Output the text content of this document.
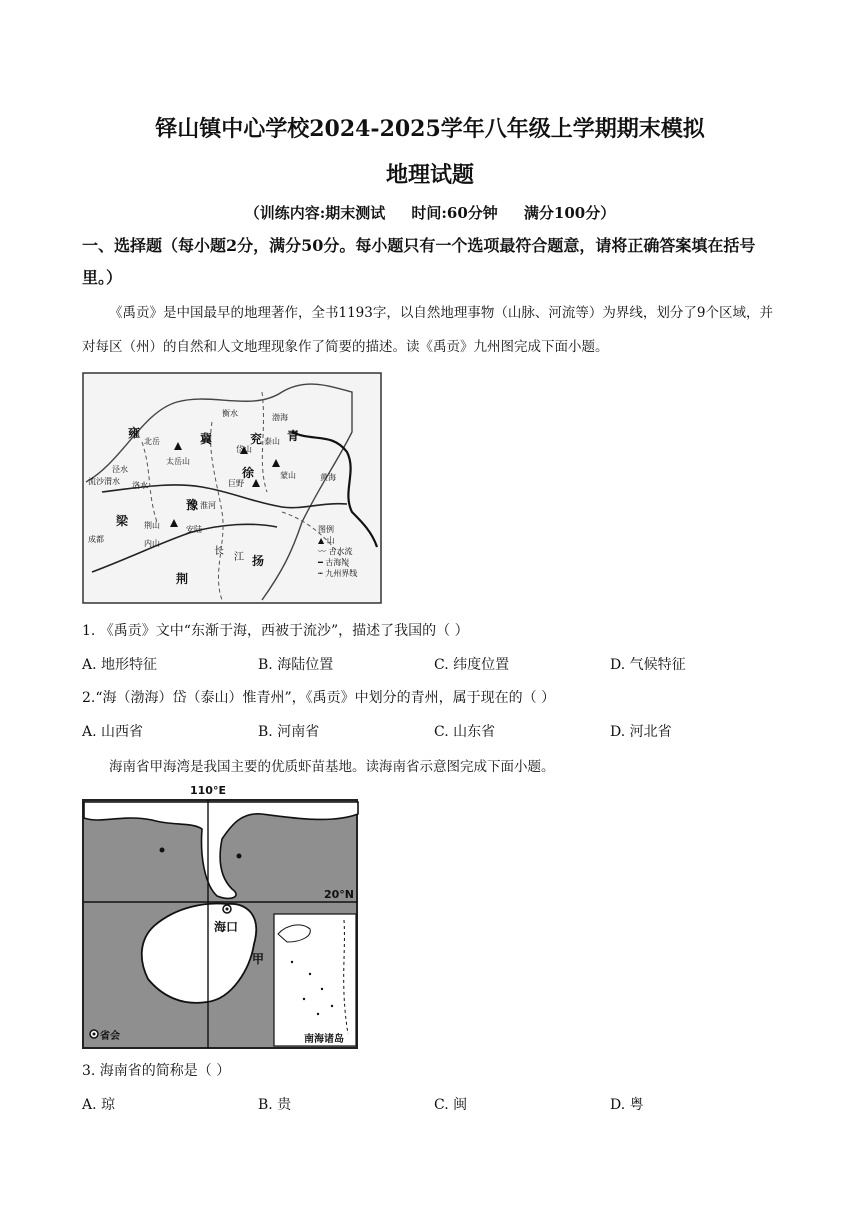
铎山镇中心学校2024-2025学年八年级上学期期末模拟
地理试题
（训练内容:期末测试     时间:60分钟     满分100分）
一、选择题（每小题2分，满分50分。每小题只有一个选项最符合题意，请将正确答案填在括号里。）
《禹贡》是中国最早的地理著作，全书1193字，以自然地理事物（山脉、河流等）为界线，划分了9个区域，并对每区（州）的自然和人文地理现象作了简要的描述。读《禹贡》九州图完成下面小题。
雍	冀	兖 青
徐
豫
梁
荆
扬
太岳山
岱山
荆山
蒙山
泰山
北岳
衡水	渤海
黄海
流沙
泾水
渭水 洛水	巨野
淮河
安陆
内山
成都
长
江
图例
▲ 山
〰 古水流
━ 古海岸
┅ 九州界线
1. 《禹贡》文中“东渐于海，西被于流沙”，描述了我国的（ ）
A. 地形特征	B. 海陆位置	C. 纬度位置	D. 气候特征
2.“海（渤海）岱（泰山）惟青州”，《禹贡》中划分的青州，属于现在的（ ）
A. 山西省	B. 河南省	C. 山东省	D. 河北省
海南省甲海湾是我国主要的优质虾苗基地。读海南省示意图完成下面小题。
110°E
20°N
海口
甲
省会	南海诸岛
3. 海南省的简称是（ ）
A. 琼	B. 贵	C. 闽	D. 粤
